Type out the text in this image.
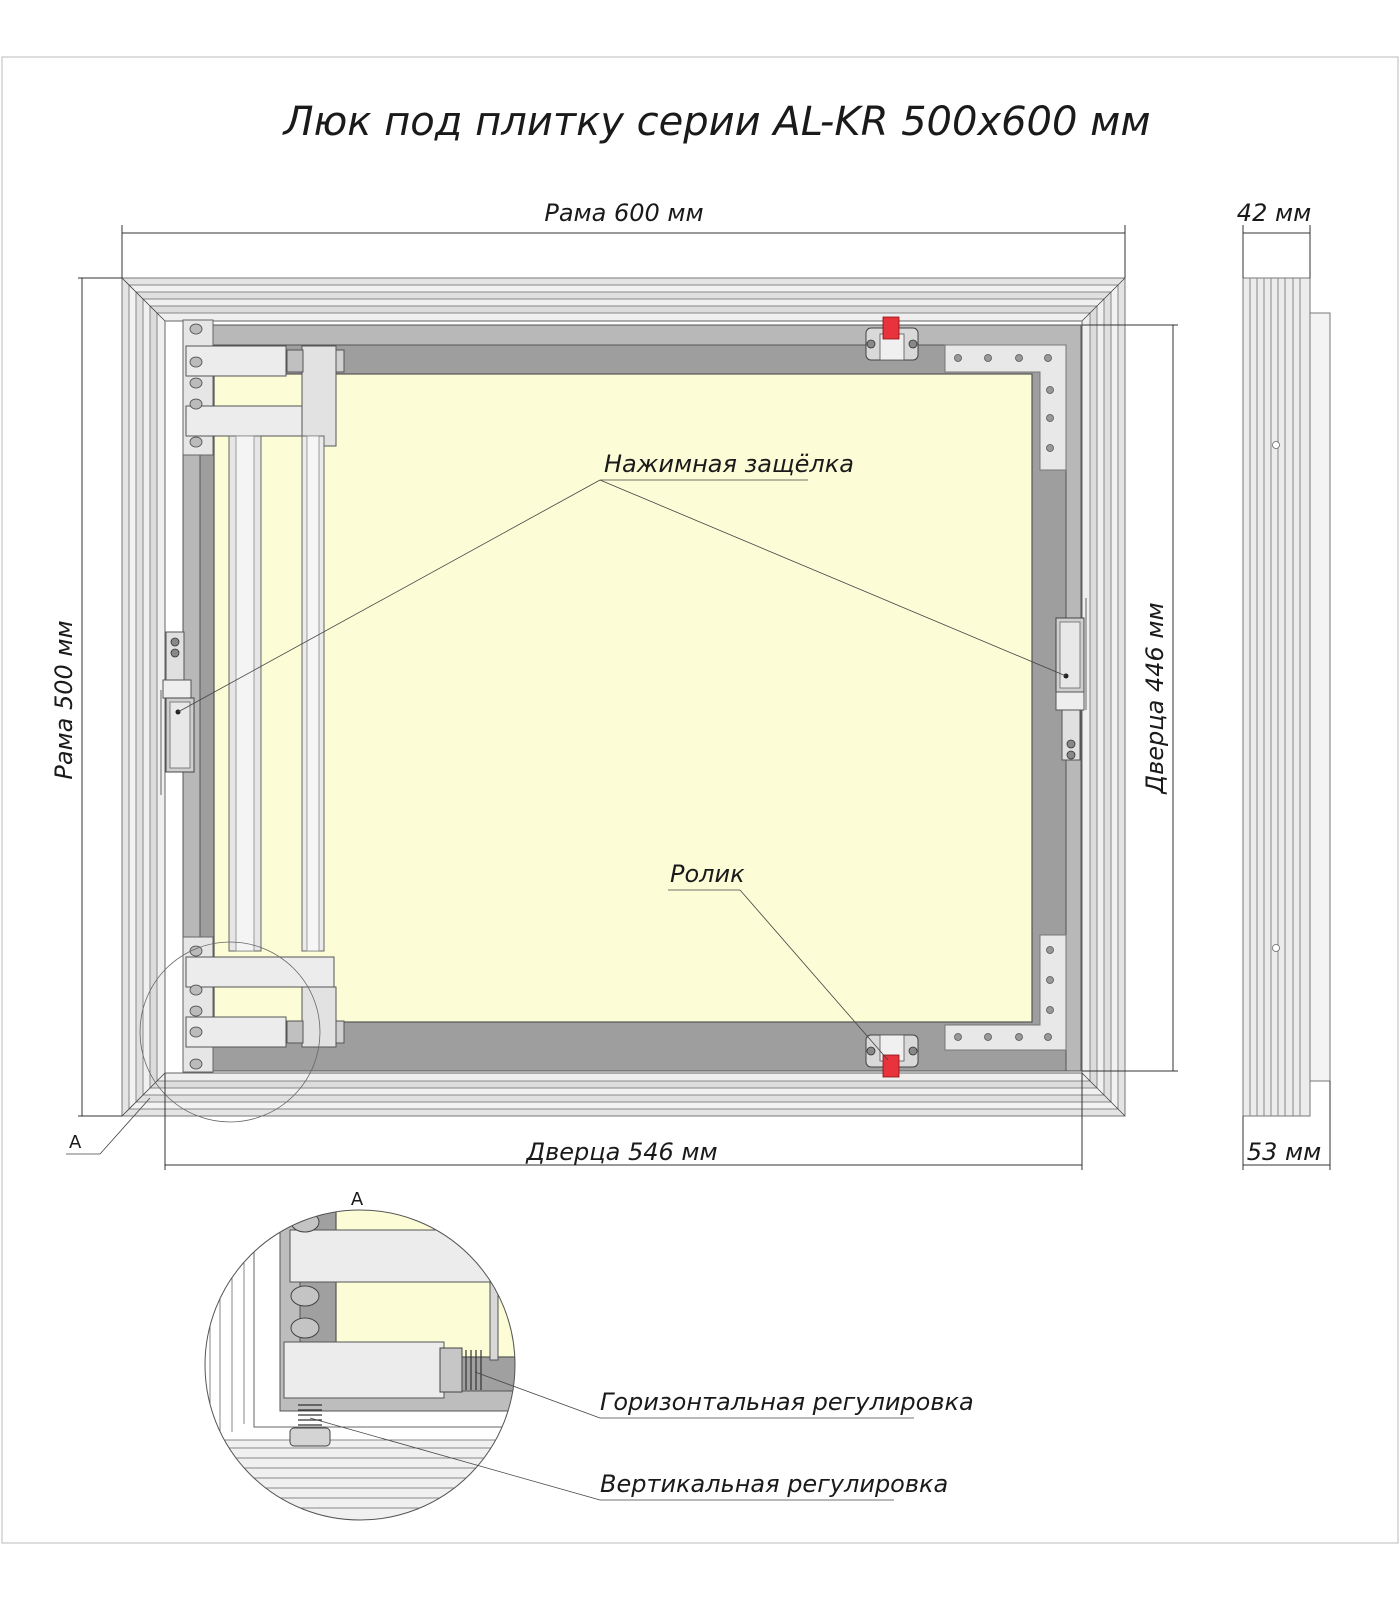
Люк под плитку серии AL-KR 500x600 мм
Рама 600 мм	42 мм
Рама 500 мм	Дверца 446 мм
Дверца 546 мм	53 мм
Нажимная защёлка
Ролик
A
A
Горизонтальная регулировка
Вертикальная регулировка
